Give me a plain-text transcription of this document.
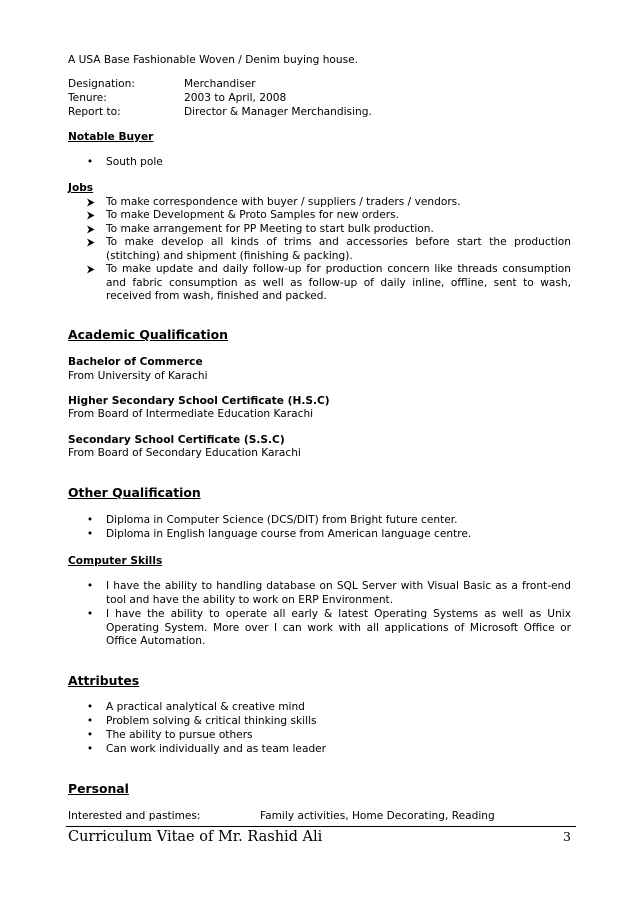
A USA Base Fashionable Woven / Denim buying house.
Designation:	Merchandiser
Tenure:	2003 to April, 2008
Report to:	Director & Manager Merchandising.
Notable Buyer
• South pole
Jobs
To make correspondence with buyer / suppliers / traders / vendors.
To make Development & Proto Samples for new orders.
To make arrangement for PP Meeting to start bulk production.
To make develop all kinds of trims and accessories before start the production (stitching) and shipment (finishing & packing).
To make update and daily follow-up for production concern like threads consumption and fabric consumption as well as follow-up of daily inline, offline, sent to wash, received from wash, finished and packed.
Academic Qualification
Bachelor of Commerce
From University of Karachi
Higher Secondary School Certificate (H.S.C)
From Board of Intermediate Education Karachi
Secondary School Certificate (S.S.C)
From Board of Secondary Education Karachi
Other Qualification
• Diploma in Computer Science (DCS/DIT) from Bright future center.
• Diploma in English language course from American language centre.
Computer Skills
• I have the ability to handling database on SQL Server with Visual Basic as a front-end tool and have the ability to work on ERP Environment.
• I have the ability to operate all early & latest Operating Systems as well as Unix Operating System. More over I can work with all applications of Microsoft Office or Office Automation.
Attributes
• A practical analytical & creative mind
• Problem solving & critical thinking skills
• The ability to pursue others
• Can work individually and as team leader
Personal
Interested and pastimes:	Family activities, Home Decorating, Reading
Curriculum Vitae of Mr. Rashid Ali	3
